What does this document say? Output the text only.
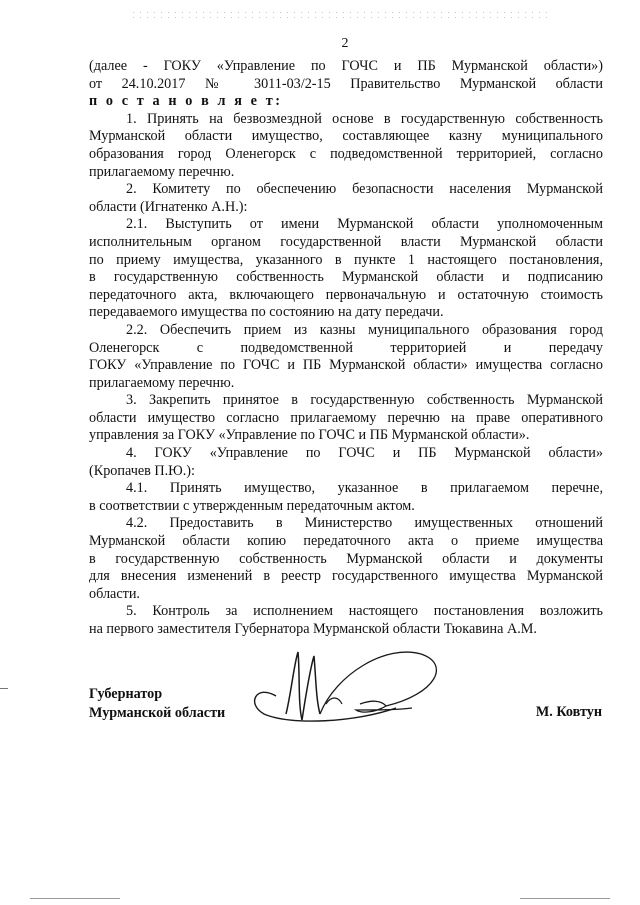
2

(далее - ГОКУ «Управление по ГОЧС и ПБ Мурманской области»)

от 24.10.2017 № 3011-03/2-15 Правительство Мурманской области

п о с т а н о в л я е т:

1. Принять на безвозмездной основе в государственную собственность

Мурманской области имущество, составляющее казну муниципального

образования город Оленегорск с подведомственной территорией, согласно

прилагаемому перечню.

2. Комитету по обеспечению безопасности населения Мурманской

области (Игнатенко А.Н.):

2.1. Выступить от имени Мурманской области уполномоченным

исполнительным органом государственной власти Мурманской области

по приему имущества, указанного в пункте 1 настоящего постановления,

в государственную собственность Мурманской области и подписанию

передаточного акта, включающего первоначальную и остаточную стоимость

передаваемого имущества по состоянию на дату передачи.

2.2. Обеспечить прием из казны муниципального образования город

Оленегорск с подведомственной территорией и передачу

ГОКУ «Управление по ГОЧС и ПБ Мурманской области» имущества согласно

прилагаемому перечню.

3. Закрепить принятое в государственную собственность Мурманской

области имущество согласно прилагаемому перечню на праве оперативного

управления за ГОКУ «Управление по ГОЧС и ПБ Мурманской области».

4. ГОКУ «Управление по ГОЧС и ПБ Мурманской области»

(Кропачев П.Ю.):

4.1. Принять имущество, указанное в прилагаемом перечне,

в соответствии с утвержденным передаточным актом.

4.2. Предоставить в Министерство имущественных отношений

Мурманской области копию передаточного акта о приеме имущества

в государственную собственность Мурманской области и документы

для внесения изменений в реестр государственного имущества Мурманской

области.

5. Контроль за исполнением настоящего постановления возложить

на первого заместителя Губернатора Мурманской области Тюкавина А.М.

Губернатор
Мурманской области	М. Ковтун
